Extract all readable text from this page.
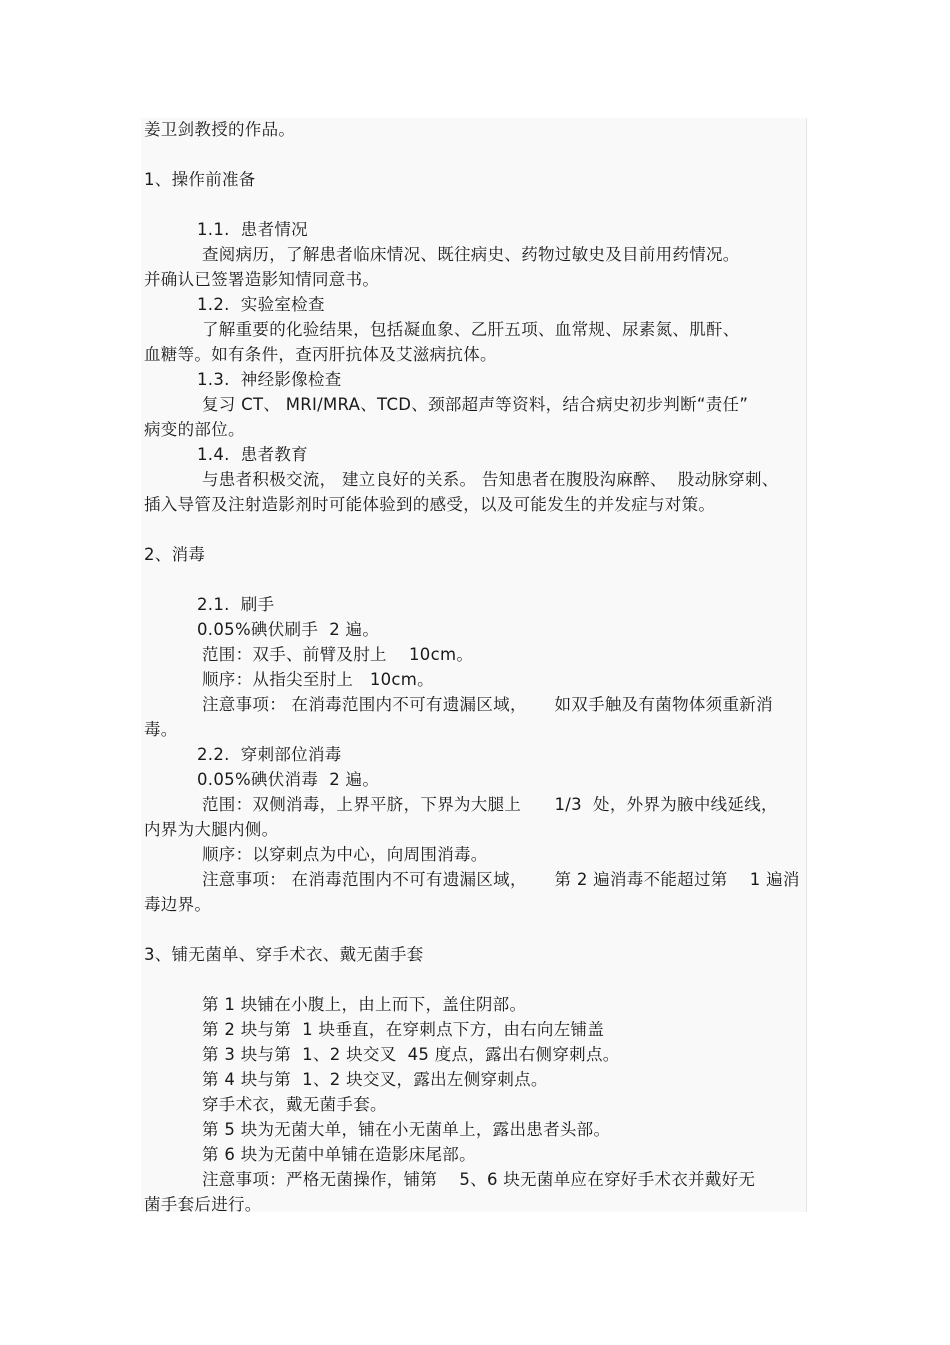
姜卫剑教授的作品。
1、操作前准备
1.1.  患者情况
查阅病历，了解患者临床情况、既往病史、药物过敏史及目前用药情况。
并确认已签署造影知情同意书。
1.2.  实验室检查
了解重要的化验结果，包括凝血象、乙肝五项、血常规、尿素氮、肌酐、
血糖等。如有条件，查丙肝抗体及艾滋病抗体。
1.3.  神经影像检查
复习 CT、 MRI/MRA、TCD、颈部超声等资料，结合病史初步判断“责任”
病变的部位。
1.4.  患者教育
与患者积极交流， 建立良好的关系。 告知患者在腹股沟麻醉、  股动脉穿刺、
插入导管及注射造影剂时可能体验到的感受，以及可能发生的并发症与对策。
2、消毒
2.1.  刷手
0.05%碘伏刷手  2 遍。
范围：双手、前臂及肘上    10cm。
顺序：从指尖至肘上   10cm。
注意事项： 在消毒范围内不可有遗漏区域，     如双手触及有菌物体须重新消
毒。
2.2.  穿刺部位消毒
0.05%碘伏消毒  2 遍。
范围：双侧消毒，上界平脐，下界为大腿上      1/3  处，外界为腋中线延线，
内界为大腿内侧。
顺序：以穿刺点为中心，向周围消毒。
注意事项： 在消毒范围内不可有遗漏区域，     第 2 遍消毒不能超过第    1 遍消
毒边界。
3、铺无菌单、穿手术衣、戴无菌手套
第 1 块铺在小腹上，由上而下，盖住阴部。
第 2 块与第  1 块垂直，在穿刺点下方，由右向左铺盖
第 3 块与第  1、2 块交叉  45 度点，露出右侧穿刺点。
第 4 块与第  1、2 块交叉，露出左侧穿刺点。
穿手术衣，戴无菌手套。
第 5 块为无菌大单，铺在小无菌单上，露出患者头部。
第 6 块为无菌中单铺在造影床尾部。
注意事项：严格无菌操作，铺第    5、6 块无菌单应在穿好手术衣并戴好无
菌手套后进行。
